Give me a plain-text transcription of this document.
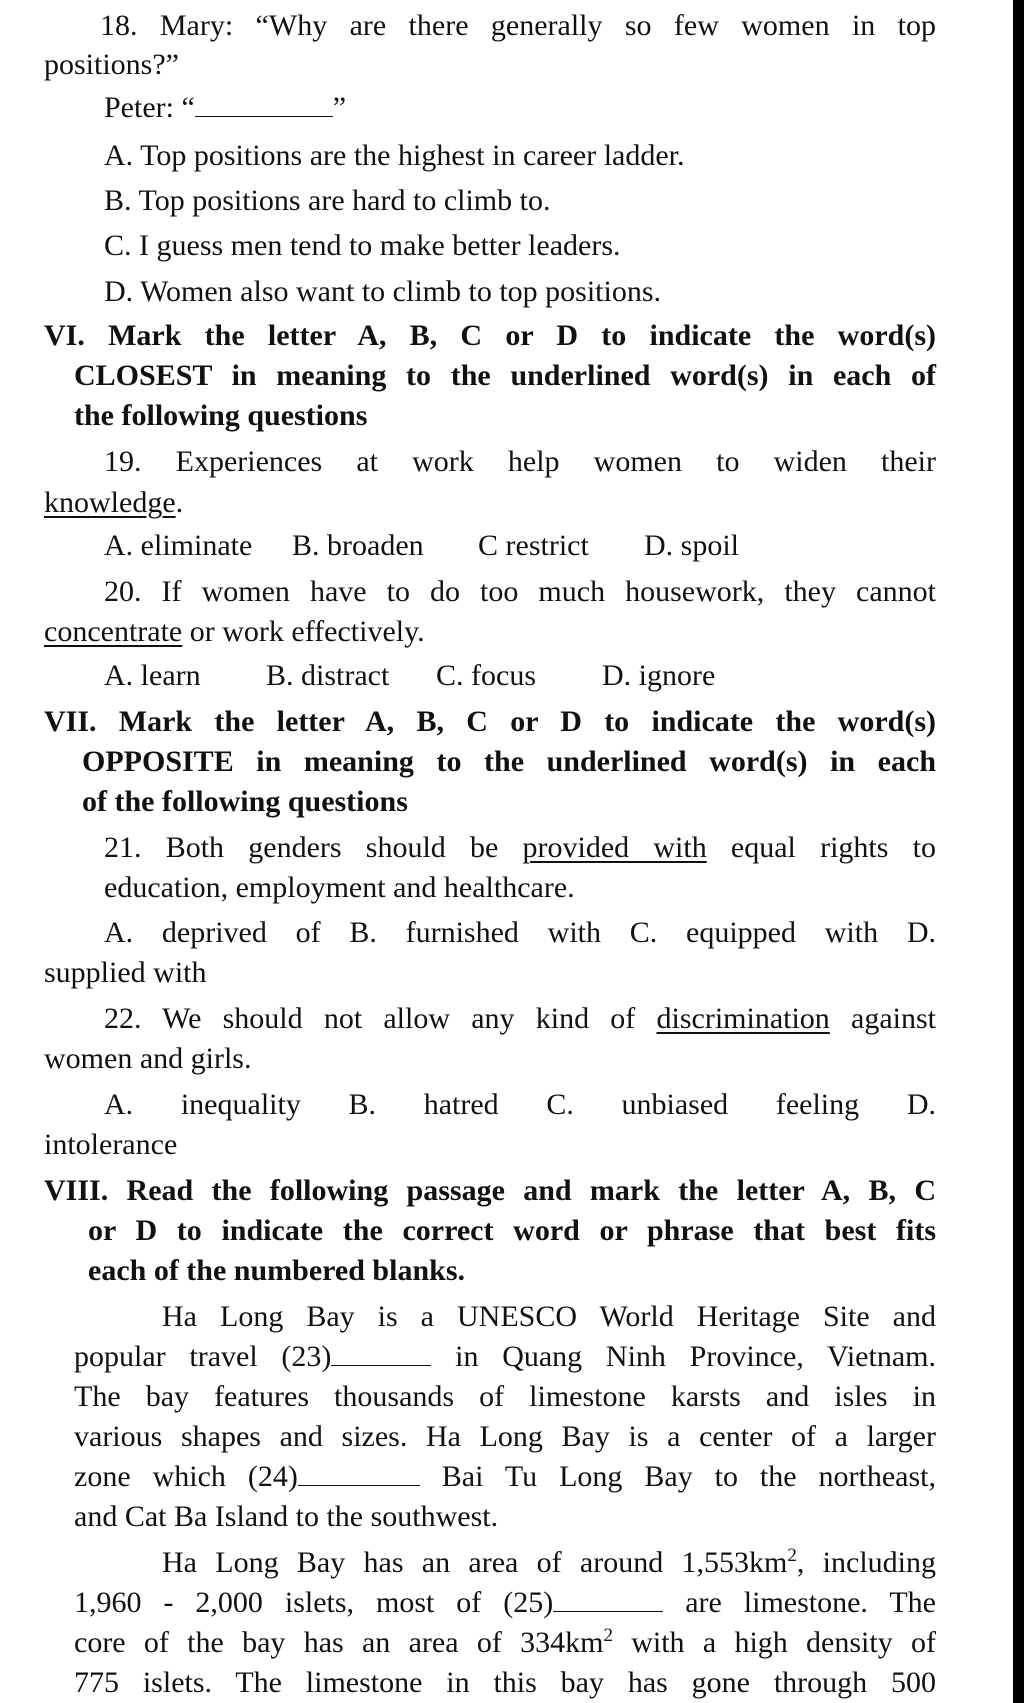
18. Mary: “Why are there generally so few women in top
positions?”
Peter: “	”
A. Top positions are the highest in career ladder.
B. Top positions are hard to climb to.
C. I guess men tend to make better leaders.
D. Women also want to climb to top positions.
VI. Mark the letter A, B, C or D to indicate the word(s)
CLOSEST in meaning to the underlined word(s) in each of
the following questions
19. Experiences at work help women to widen their
knowledge.
A. eliminate B. broaden C restrict D. spoil
20. If women have to do too much housework, they cannot
concentrate or work effectively.
A. learn B. distract C. focus D. ignore
VII. Mark the letter A, B, C or D to indicate the word(s)
OPPOSITE in meaning to the underlined word(s) in each
of the following questions
21. Both genders should be provided with equal rights to
education, employment and healthcare.
A. deprived of B. furnished with C. equipped with D.
supplied with
22. We should not allow any kind of discrimination against
women and girls.
A. inequality B. hatred C. unbiased feeling D.
intolerance
VIII. Read the following passage and mark the letter A, B, C
or D to indicate the correct word or phrase that best fits
each of the numbered blanks.
Ha Long Bay is a UNESCO World Heritage Site and
popular travel (23)	in Quang Ninh Province, Vietnam.
The bay features thousands of limestone karsts and isles in
various shapes and sizes. Ha Long Bay is a center of a larger
zone which (24)	Bai Tu Long Bay to the northeast,
and Cat Ba Island to the southwest.
Ha Long Bay has an area of around $1,553km^2$, including
1,960 - 2,000 islets, most of (25)	are limestone. The
core of the bay has an area of $334km^2$ with a high density of
775 islets. The limestone in this bay has gone through 500
